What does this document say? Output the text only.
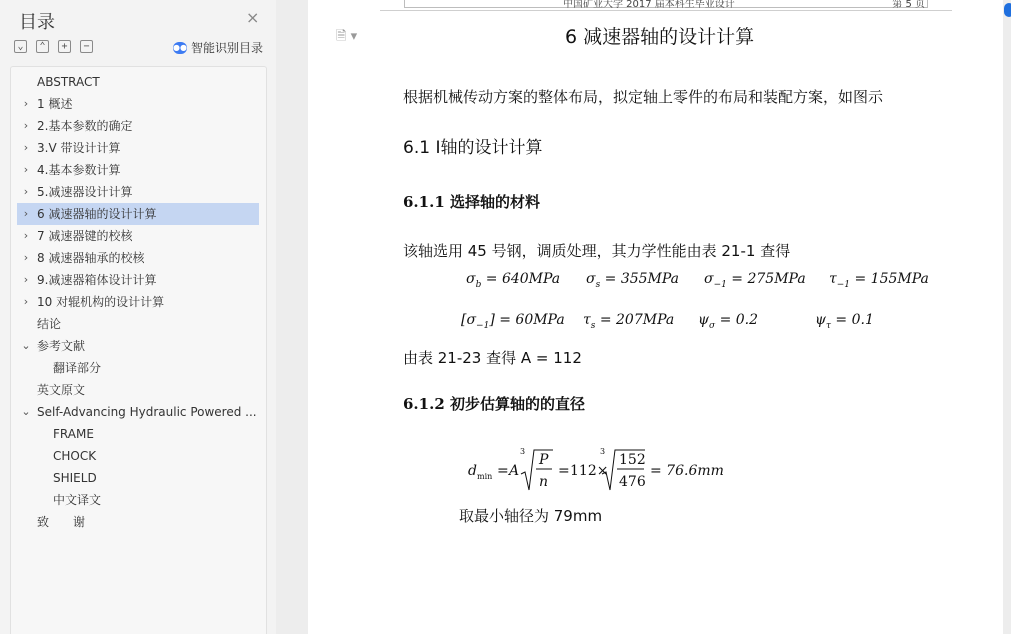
目录	×
⌄	⌃	+	−	●● 智能识别目录
ABSTRACT
› 1 概述
› 2.基本参数的确定
› 3.V 带设计计算
› 4.基本参数计算
› 5.减速器设计计算
› 6 减速器轴的设计计算
› 7 减速器键的校核
› 8 减速器轴承的校核
› 9.减速器箱体设计计算
› 10 对辊机构的设计计算
结论
⌄ 参考文献
翻译部分
英文原文
⌄ Self-Advancing Hydraulic Powered ...
FRAME
CHOCK
SHIELD
中文译文
致　　谢
🗎 ▾
中国矿业大学 2017 届本科生毕业设计	第 5 页
6 减速器轴的设计计算
根据机械传动方案的整体布局，拟定轴上零件的布局和装配方案，如图示
6.1 Ⅰ轴的设计计算
6.1.1 选择轴的材料
该轴选用 45 号钢，调质处理，其力学性能由表 21-1 查得
$\sigma_b = 640MPa$ $\sigma_s = 355MPa$ $\sigma_{-1} = 275MPa$ $\tau_{-1} = 155MPa$
$[\sigma_{-1}] = 60MPa$ $\tau_s = 207MPa$ $\psi_\sigma = 0.2$	$\psi_\tau = 0.1$
由表 21-23 查得 A = 112
6.1.2 初步估算轴的的直径
d min = A
3
P
n
= 112×
3
152
476
= 76.6mm
取最小轴径为 79mm
